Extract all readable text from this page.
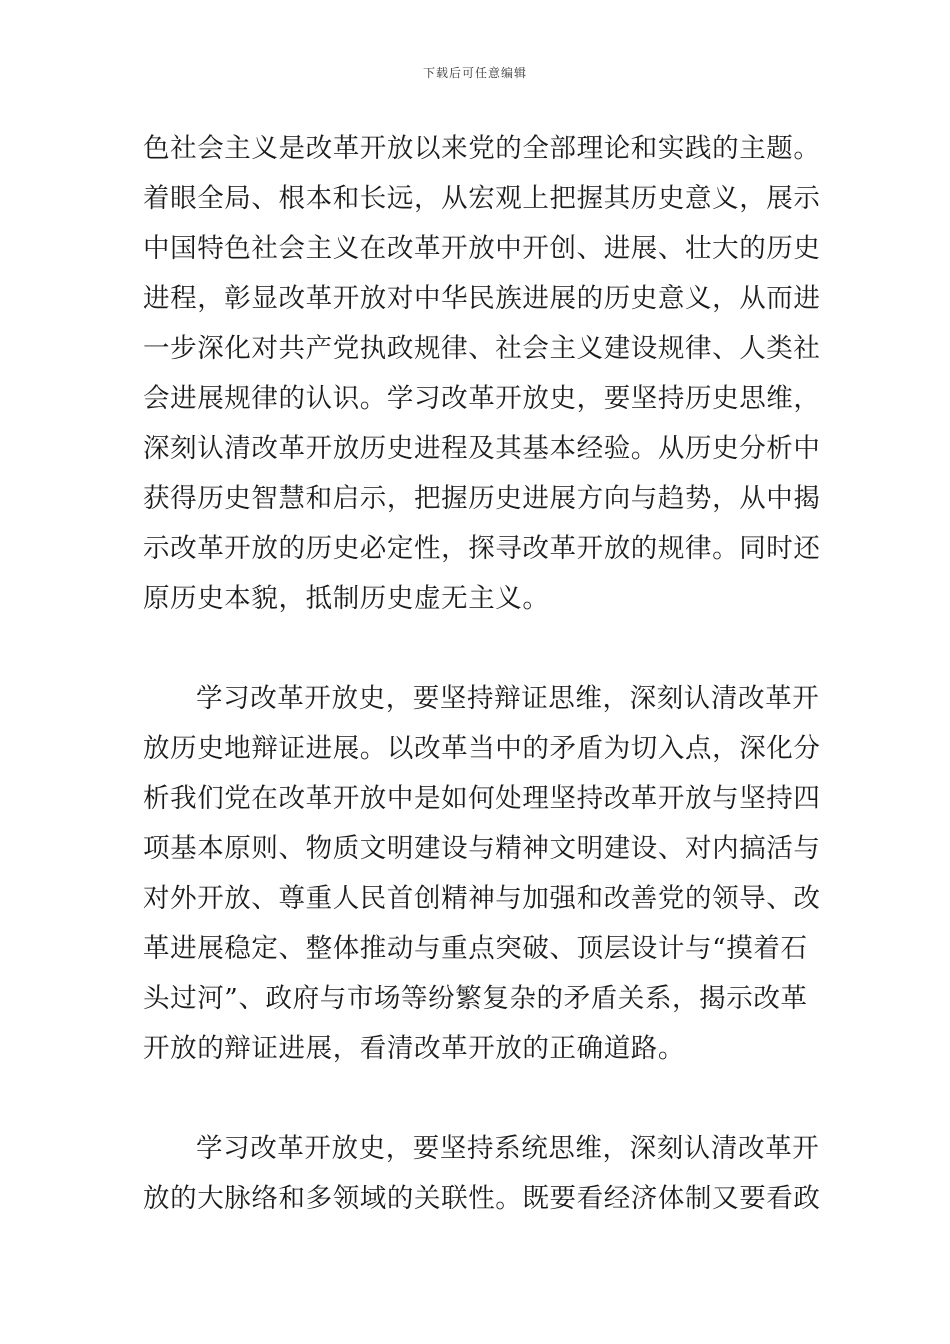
下载后可任意编辑
色社会主义是改革开放以来党的全部理论和实践的主题。
着眼全局、根本和长远，从宏观上把握其历史意义，展示
中国特色社会主义在改革开放中开创、进展、壮大的历史
进程，彰显改革开放对中华民族进展的历史意义，从而进
一步深化对共产党执政规律、社会主义建设规律、人类社
会进展规律的认识。学习改革开放史，要坚持历史思维，
深刻认清改革开放历史进程及其基本经验。从历史分析中
获得历史智慧和启示，把握历史进展方向与趋势，从中揭
示改革开放的历史必定性，探寻改革开放的规律。同时还
原历史本貌，抵制历史虚无主义。
学习改革开放史，要坚持辩证思维，深刻认清改革开
放历史地辩证进展。以改革当中的矛盾为切入点，深化分
析我们党在改革开放中是如何处理坚持改革开放与坚持四
项基本原则、物质文明建设与精神文明建设、对内搞活与
对外开放、尊重人民首创精神与加强和改善党的领导、改
革进展稳定、整体推动与重点突破、顶层设计与“摸着石
头过河”、政府与市场等纷繁复杂的矛盾关系，揭示改革
开放的辩证进展，看清改革开放的正确道路。
学习改革开放史，要坚持系统思维，深刻认清改革开
放的大脉络和多领域的关联性。既要看经济体制又要看政
